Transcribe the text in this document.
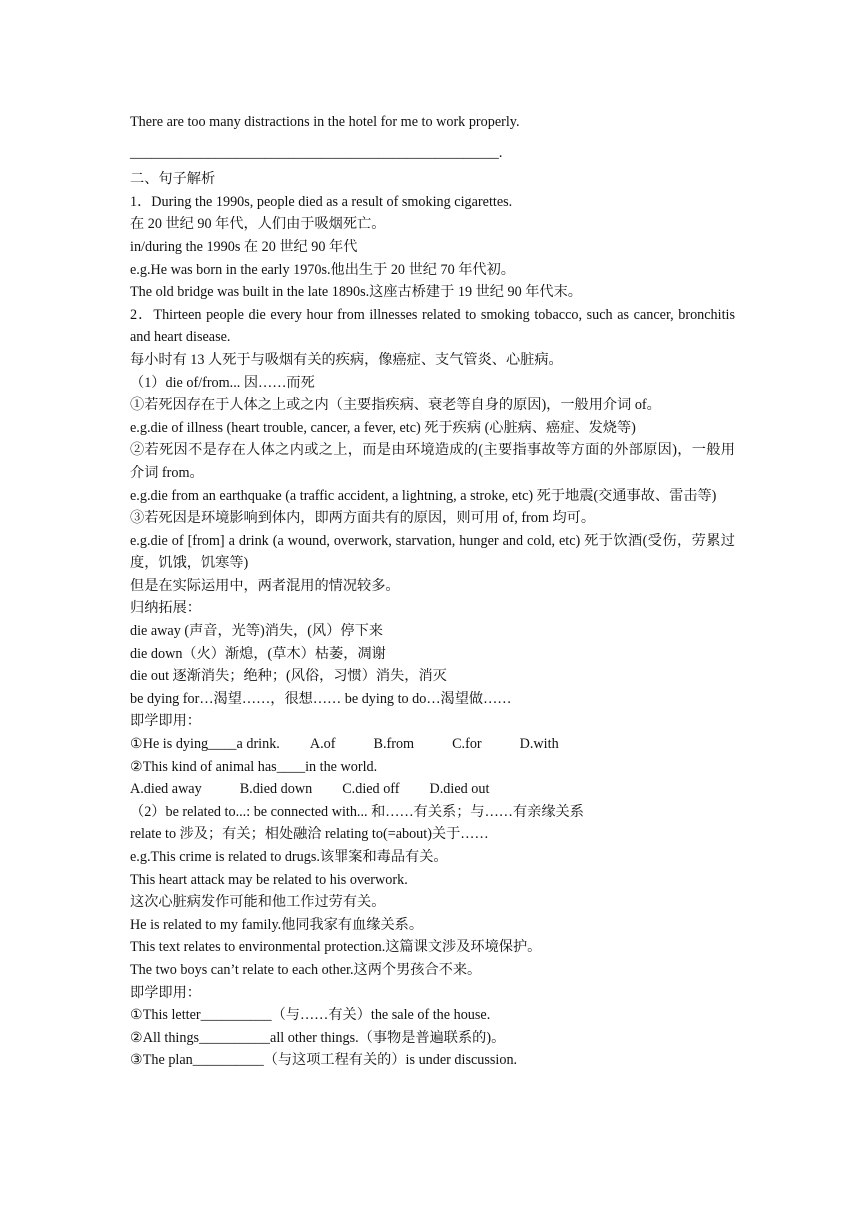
There are too many distractions in the hotel for me to work properly.
____________________________________________________.
二、句子解析
1．During the 1990s, people died as a result of smoking cigarettes.
在 20 世纪 90 年代，人们由于吸烟死亡。
in/during the 1990s 在 20 世纪 90 年代
e.g.He was born in the early 1970s.他出生于 20 世纪 70 年代初。
The old bridge was built in the late 1890s.这座古桥建于 19 世纪 90 年代末。
2．Thirteen people die every hour from illnesses related to smoking tobacco, such as cancer, bronchitis and heart disease.
每小时有 13 人死于与吸烟有关的疾病，像癌症、支气管炎、心脏病。
（1）die of/from... 因……而死
①若死因存在于人体之上或之内（主要指疾病、衰老等自身的原因)，一般用介词 of。
e.g.die of illness (heart trouble, cancer, a fever, etc) 死于疾病 (心脏病、癌症、发烧等)
②若死因不是存在人体之内或之上，而是由环境造成的(主要指事故等方面的外部原因)，一般用介词 from。
e.g.die from an earthquake (a traffic accident, a lightning, a stroke, etc) 死于地震(交通事故、雷击等)
③若死因是环境影响到体内，即两方面共有的原因，则可用 of, from 均可。
e.g.die of [from] a drink (a wound, overwork, starvation, hunger and cold, etc) 死于饮酒(受伤，劳累过度，饥饿，饥寒等)
但是在实际运用中，两者混用的情况较多。
归纳拓展：
die away (声音，光等)消失，(风）停下来
die down（火）渐熄，(草木）枯萎，凋谢
die out 逐渐消失；绝种；(风俗，习惯）消失，消灭
be dying for…渴望……，很想…… be dying to do…渴望做……
即学即用：
①He is dying____a drink. A.of	B.from	C.for	D.with
②This kind of animal has____in the world.
A.died away	B.died down C.died off D.died out
（2）be related to...: be connected with... 和……有关系；与……有亲缘关系
relate to 涉及；有关；相处融洽 relating to(=about)关于……
e.g.This crime is related to drugs.该罪案和毒品有关。
This heart attack may be related to his overwork.
这次心脏病发作可能和他工作过劳有关。
He is related to my family.他同我家有血缘关系。
This text relates to environmental protection.这篇课文涉及环境保护。
The two boys can’t relate to each other.这两个男孩合不来。
即学即用：
①This letter__________（与……有关）the sale of the house.
②All things__________all other things.（事物是普遍联系的)。
③The plan__________（与这项工程有关的）is under discussion.
